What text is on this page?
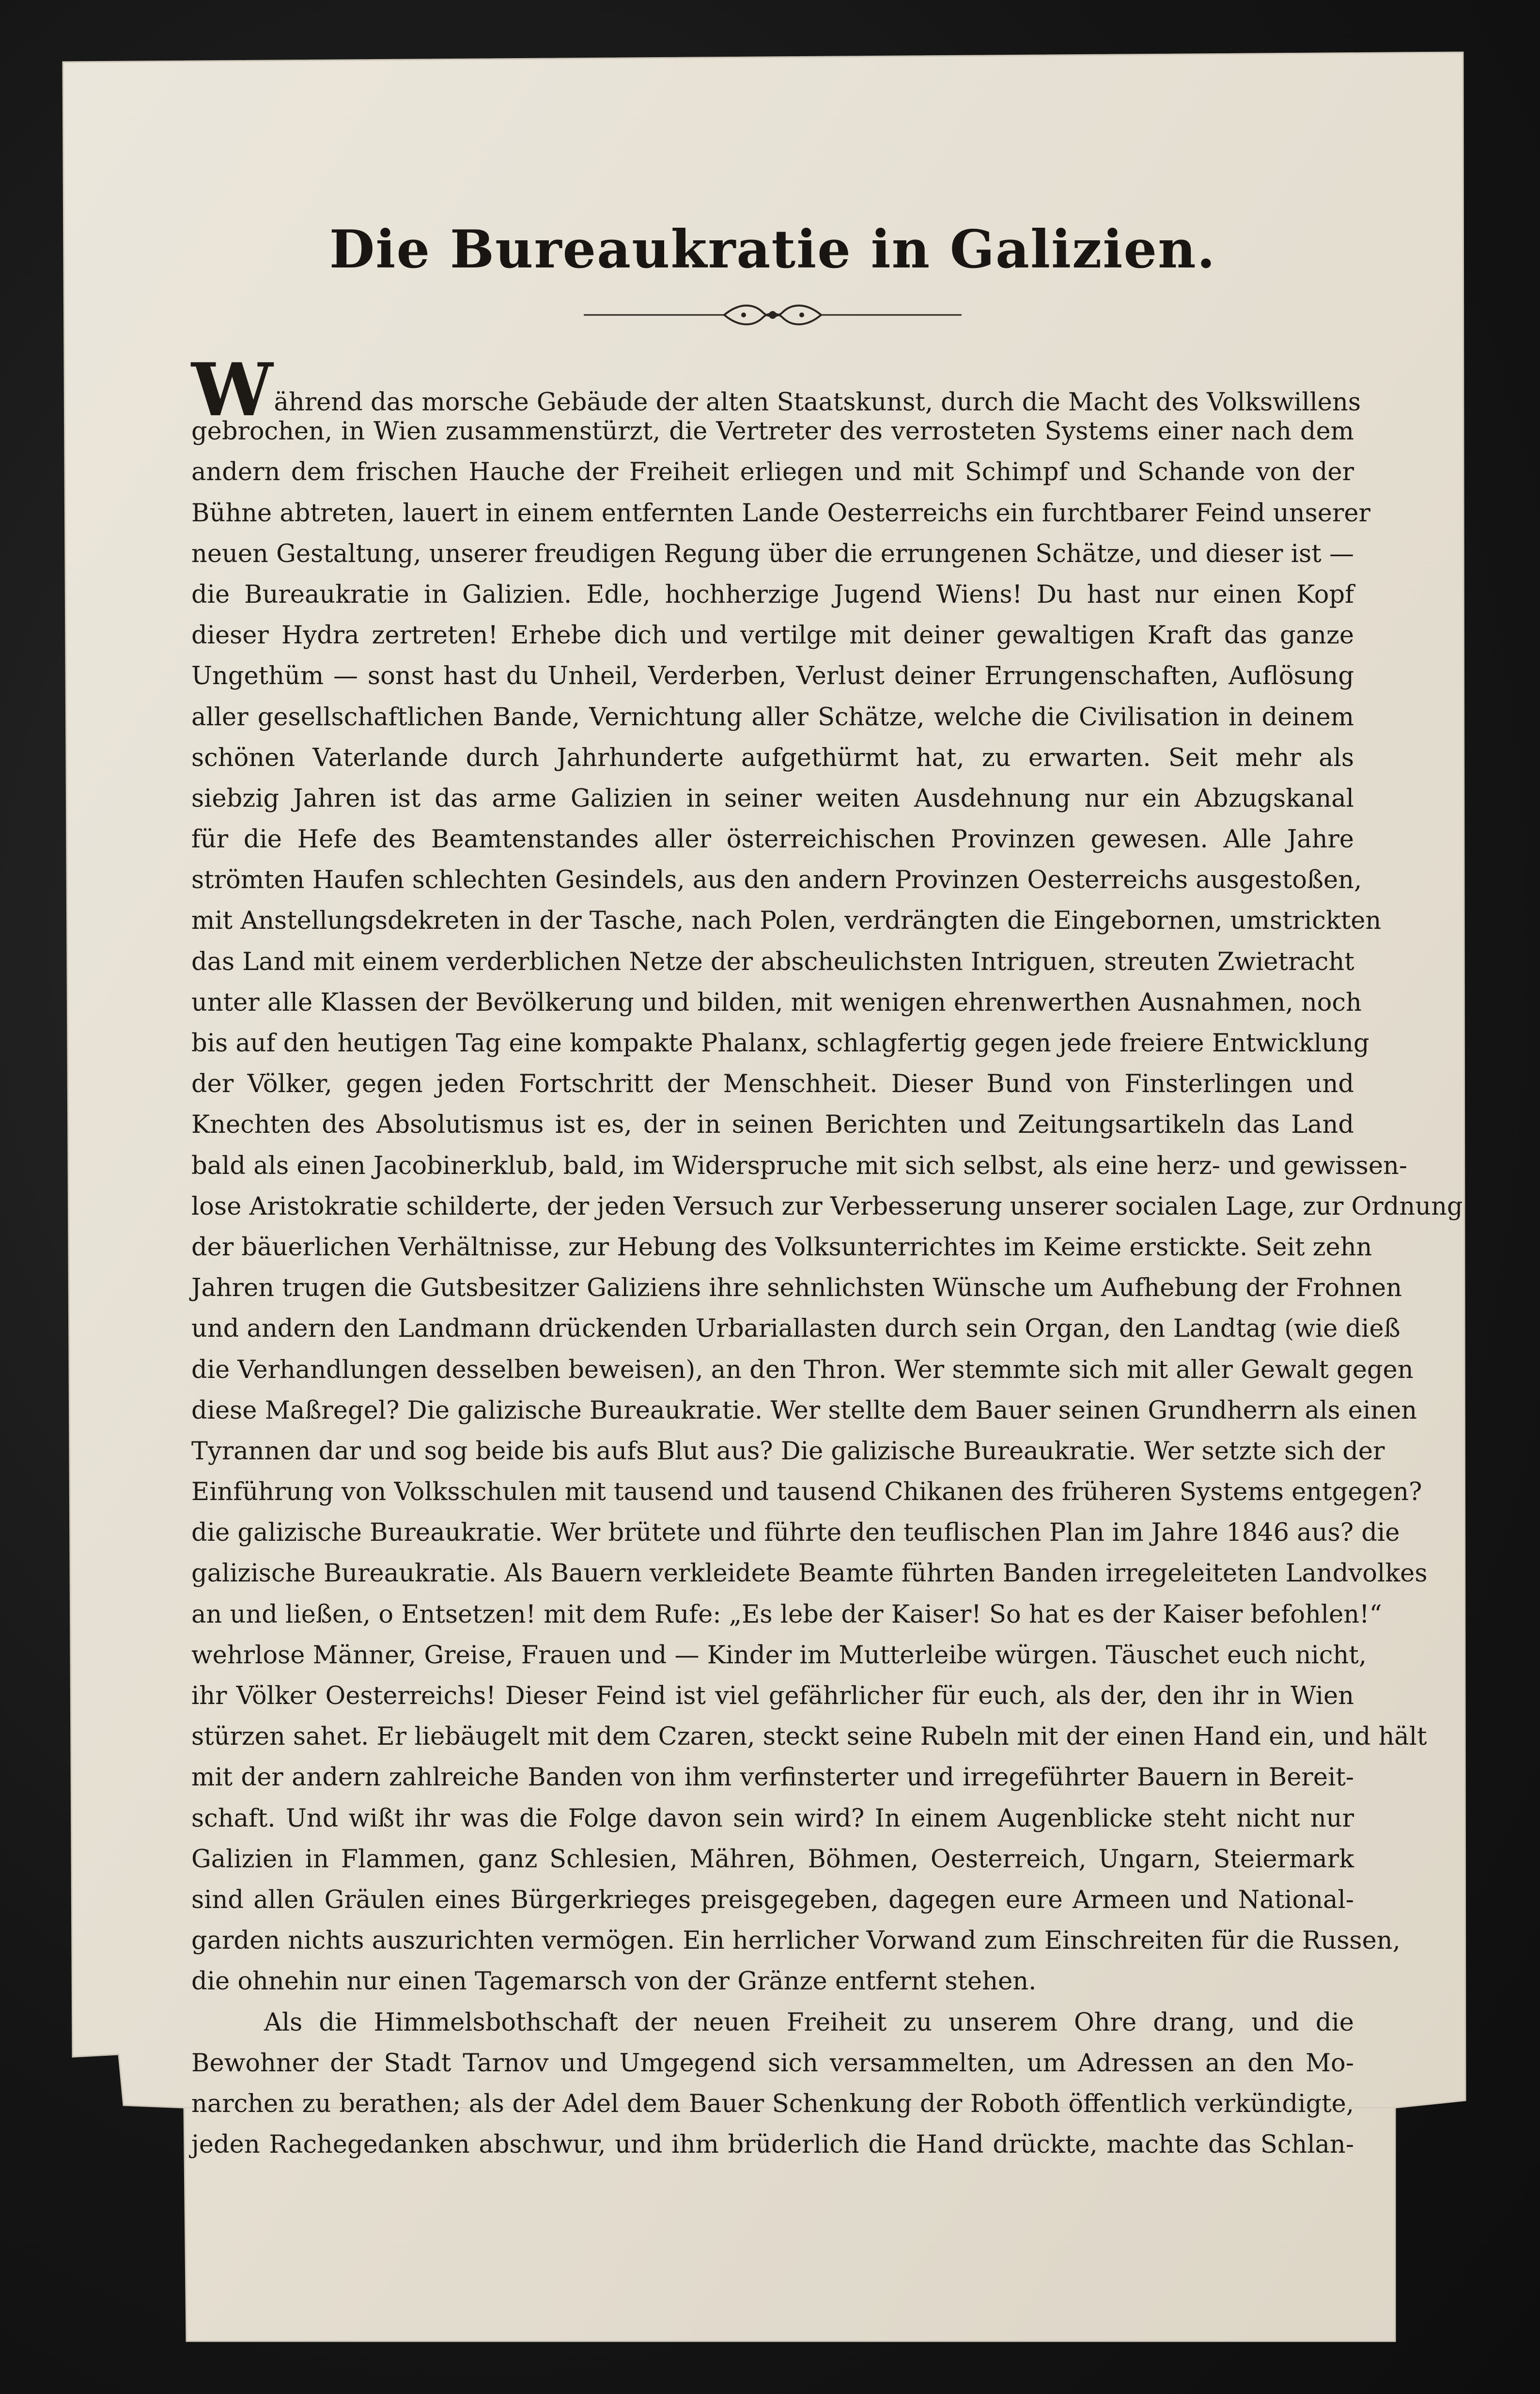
Die Bureaukratie in Galizien.
Während das morsche Gebäude der alten Staatskunst, durch die Macht des Volkswillens
gebrochen, in Wien zusammenstürzt, die Vertreter des verrosteten Systems einer nach dem
andern dem frischen Hauche der Freiheit erliegen und mit Schimpf und Schande von der
Bühne abtreten, lauert in einem entfernten Lande Oesterreichs ein furchtbarer Feind unserer
neuen Gestaltung, unserer freudigen Regung über die errungenen Schätze, und dieser ist —
die Bureaukratie in Galizien. Edle, hochherzige Jugend Wiens! Du hast nur einen Kopf
dieser Hydra zertreten! Erhebe dich und vertilge mit deiner gewaltigen Kraft das ganze
Ungethüm — sonst hast du Unheil, Verderben, Verlust deiner Errungenschaften, Auflösung
aller gesellschaftlichen Bande, Vernichtung aller Schätze, welche die Civilisation in deinem
schönen Vaterlande durch Jahrhunderte aufgethürmt hat, zu erwarten. Seit mehr als
siebzig Jahren ist das arme Galizien in seiner weiten Ausdehnung nur ein Abzugskanal
für die Hefe des Beamtenstandes aller österreichischen Provinzen gewesen. Alle Jahre
strömten Haufen schlechten Gesindels, aus den andern Provinzen Oesterreichs ausgestoßen,
mit Anstellungsdekreten in der Tasche, nach Polen, verdrängten die Eingebornen, umstrickten
das Land mit einem verderblichen Netze der abscheulichsten Intriguen, streuten Zwietracht
unter alle Klassen der Bevölkerung und bilden, mit wenigen ehrenwerthen Ausnahmen, noch
bis auf den heutigen Tag eine kompakte Phalanx, schlagfertig gegen jede freiere Entwicklung
der Völker, gegen jeden Fortschritt der Menschheit. Dieser Bund von Finsterlingen und
Knechten des Absolutismus ist es, der in seinen Berichten und Zeitungsartikeln das Land
bald als einen Jacobinerklub, bald, im Widerspruche mit sich selbst, als eine herz- und gewissen-
lose Aristokratie schilderte, der jeden Versuch zur Verbesserung unserer socialen Lage, zur Ordnung
der bäuerlichen Verhältnisse, zur Hebung des Volksunterrichtes im Keime erstickte. Seit zehn
Jahren trugen die Gutsbesitzer Galiziens ihre sehnlichsten Wünsche um Aufhebung der Frohnen
und andern den Landmann drückenden Urbariallasten durch sein Organ, den Landtag (wie dieß
die Verhandlungen desselben beweisen), an den Thron. Wer stemmte sich mit aller Gewalt gegen
diese Maßregel? Die galizische Bureaukratie. Wer stellte dem Bauer seinen Grundherrn als einen
Tyrannen dar und sog beide bis aufs Blut aus? Die galizische Bureaukratie. Wer setzte sich der
Einführung von Volksschulen mit tausend und tausend Chikanen des früheren Systems entgegen?
die galizische Bureaukratie. Wer brütete und führte den teuflischen Plan im Jahre 1846 aus? die
galizische Bureaukratie. Als Bauern verkleidete Beamte führten Banden irregeleiteten Landvolkes
an und ließen, o Entsetzen! mit dem Rufe: „Es lebe der Kaiser! So hat es der Kaiser befohlen!“
wehrlose Männer, Greise, Frauen und — Kinder im Mutterleibe würgen. Täuschet euch nicht,
ihr Völker Oesterreichs! Dieser Feind ist viel gefährlicher für euch, als der, den ihr in Wien
stürzen sahet. Er liebäugelt mit dem Czaren, steckt seine Rubeln mit der einen Hand ein, und hält
mit der andern zahlreiche Banden von ihm verfinsterter und irregeführter Bauern in Bereit-
schaft. Und wißt ihr was die Folge davon sein wird? In einem Augenblicke steht nicht nur
Galizien in Flammen, ganz Schlesien, Mähren, Böhmen, Oesterreich, Ungarn, Steiermark
sind allen Gräulen eines Bürgerkrieges preisgegeben, dagegen eure Armeen und National-
garden nichts auszurichten vermögen. Ein herrlicher Vorwand zum Einschreiten für die Russen,
die ohnehin nur einen Tagemarsch von der Gränze entfernt stehen.
Als die Himmelsbothschaft der neuen Freiheit zu unserem Ohre drang, und die
Bewohner der Stadt Tarnov und Umgegend sich versammelten, um Adressen an den Mo-
narchen zu berathen; als der Adel dem Bauer Schenkung der Roboth öffentlich verkündigte,
jeden Rachegedanken abschwur, und ihm brüderlich die Hand drückte, machte das Schlan-
